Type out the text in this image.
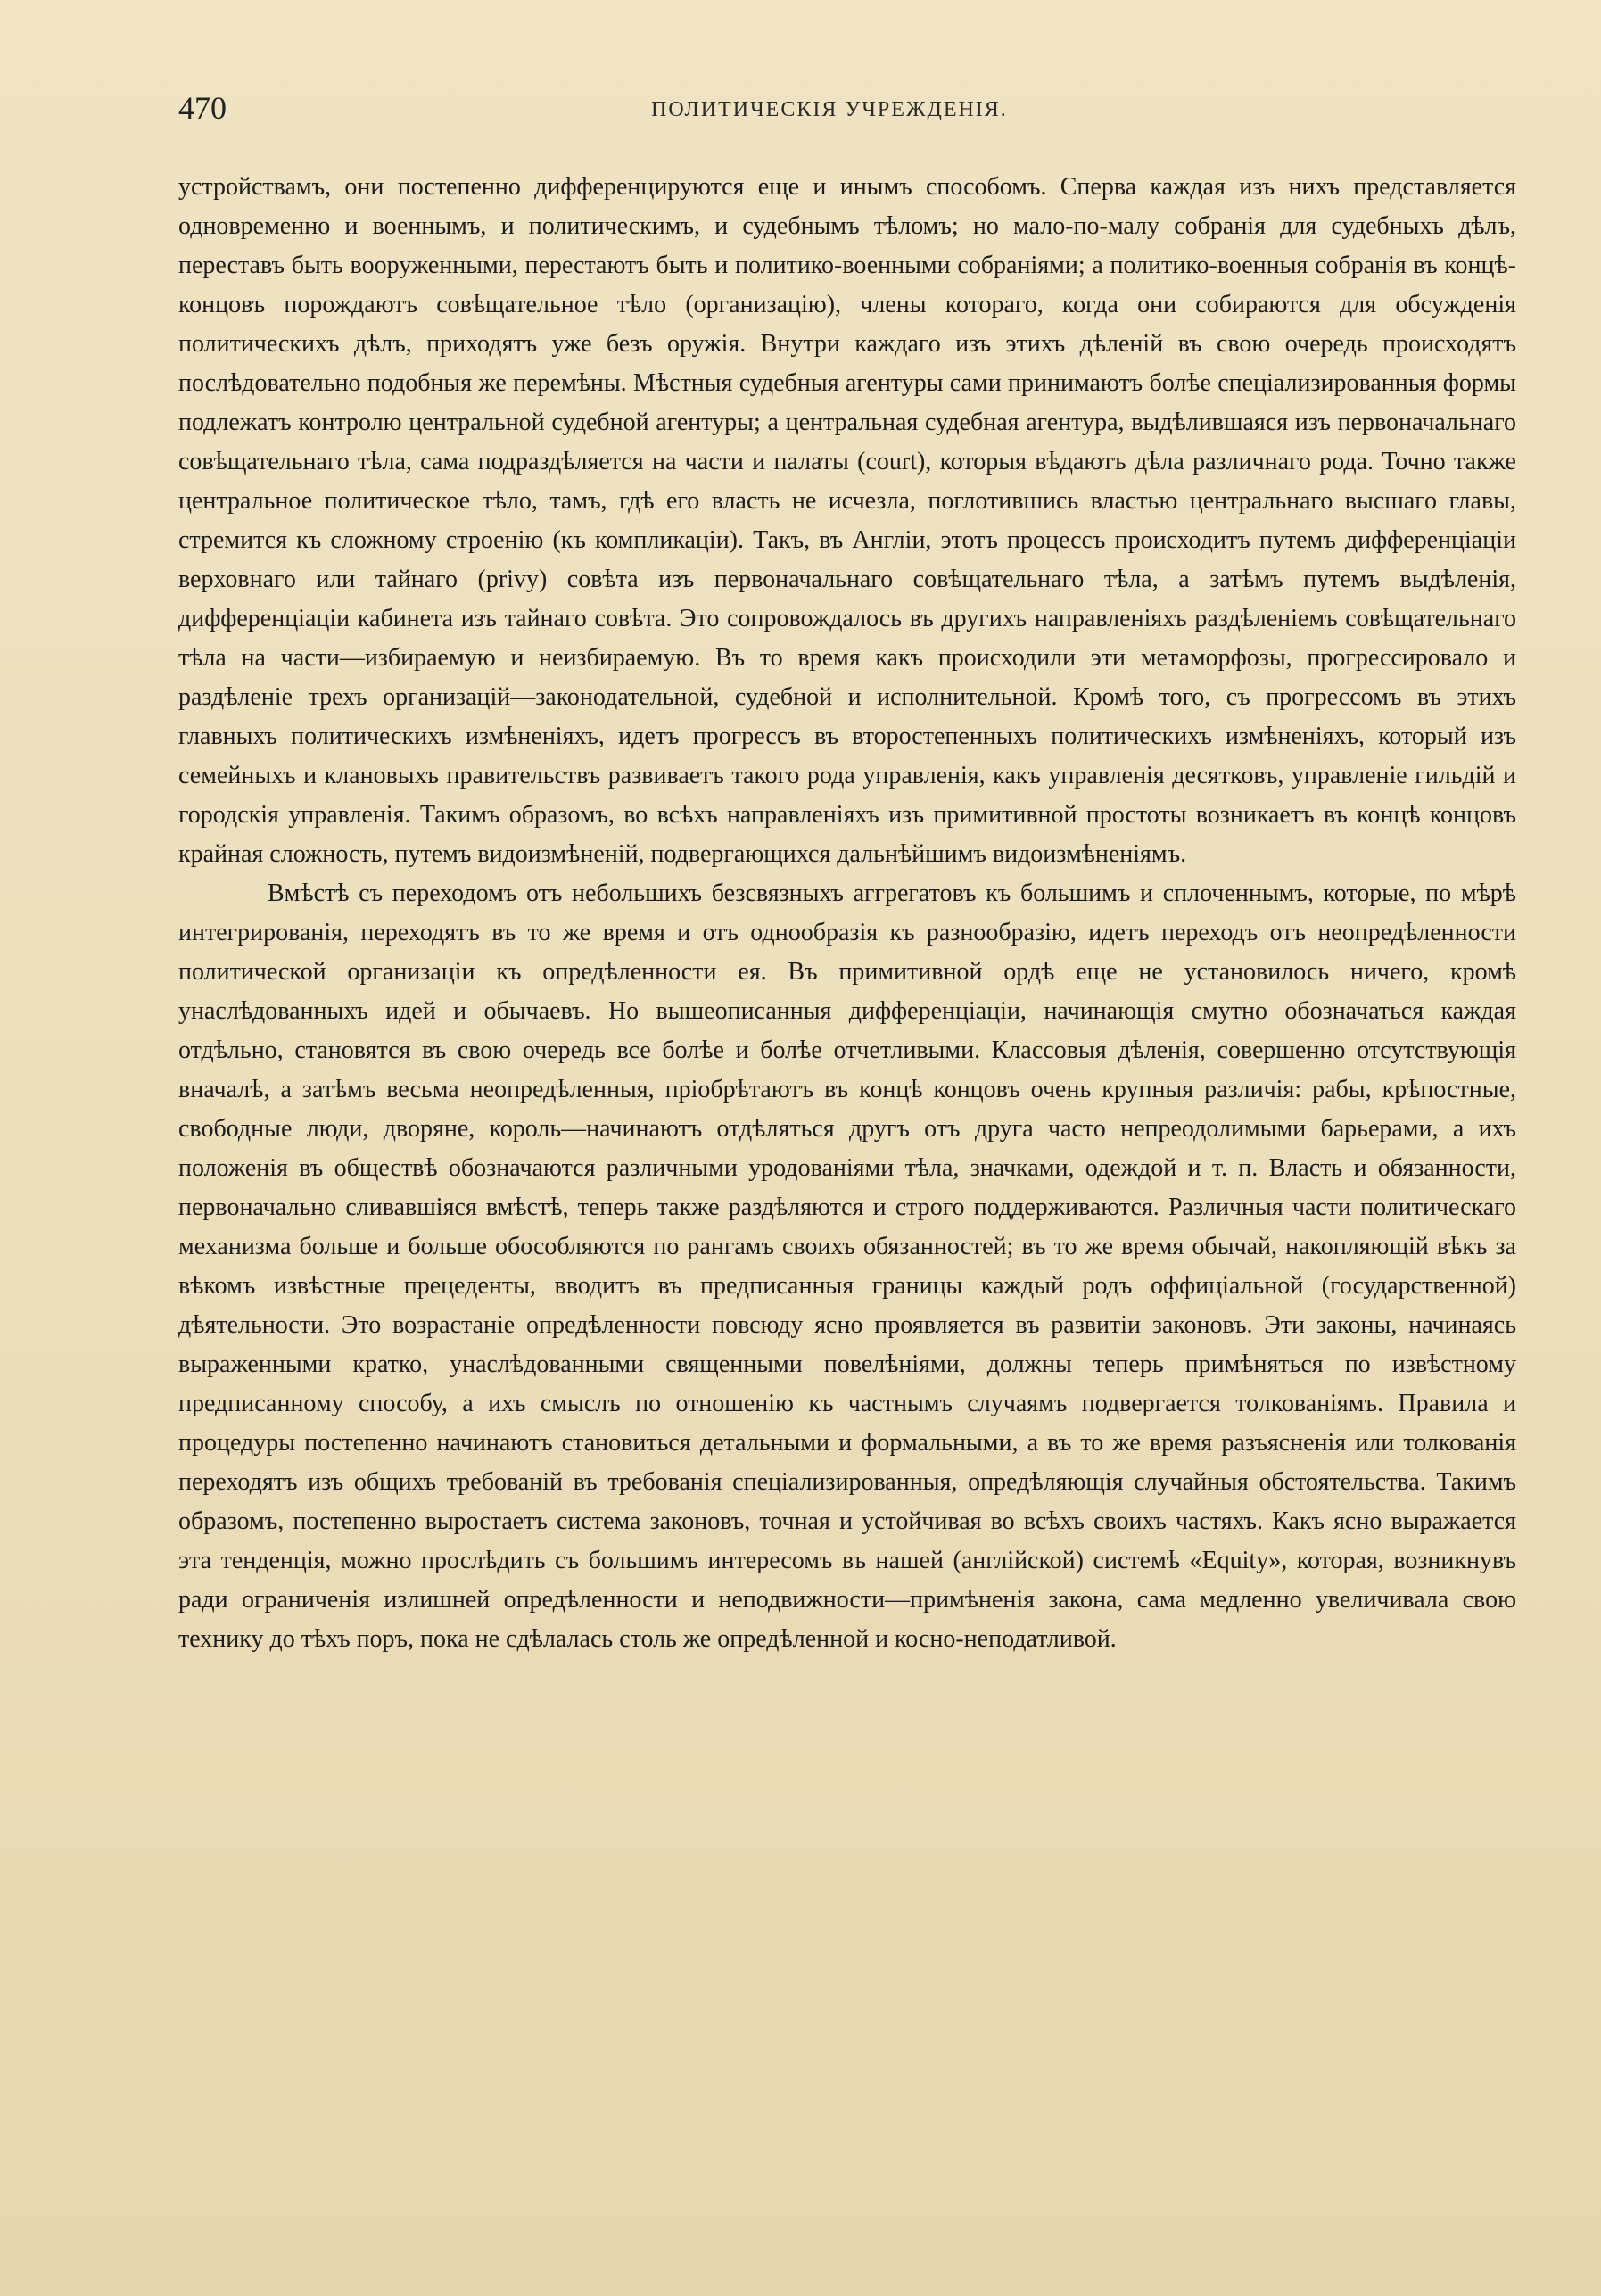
470	ПОЛИТИЧЕСКІЯ УЧРЕЖДЕНІЯ.

устройствамъ, они постепенно дифференцируются еще и инымъ способомъ. Сперва каждая изъ нихъ представляется одновременно и военнымъ, и политическимъ, и судебнымъ тѣломъ; но мало-по-малу собранія для судебныхъ дѣлъ, переставъ быть вооруженными, перестаютъ быть и политико-военными собраніями; а политико-военныя собранія въ концѣ-концовъ порождаютъ совѣщательное тѣло (организацію), члены котораго, когда они собираются для обсужденія политическихъ дѣлъ, приходятъ уже безъ оружія. Внутри каждаго изъ этихъ дѣленій въ свою очередь происходятъ послѣдовательно подобныя же перемѣны. Мѣстныя судебныя агентуры сами принимаютъ болѣе спеціализированныя формы подлежатъ контролю центральной судебной агентуры; а центральная судебная агентура, выдѣлившаяся изъ первоначальнаго совѣщательнаго тѣла, сама подраздѣляется на части и палаты (court), которыя вѣдаютъ дѣла различнаго рода. Точно также центральное политическое тѣло, тамъ, гдѣ его власть не исчезла, поглотившись властью центральнаго высшаго главы, стремится къ сложному строенію (къ компликаціи). Такъ, въ Англіи, этотъ процессъ происходитъ путемъ дифференціаціи верховнаго или тайнаго (privy) совѣта изъ первоначальнаго совѣщательнаго тѣла, а затѣмъ путемъ выдѣленія, дифференціаціи кабинета изъ тайнаго совѣта. Это сопровождалось въ другихъ направленіяхъ раздѣленіемъ совѣщательнаго тѣла на части—избираемую и неизбираемую. Въ то время какъ происходили эти метаморфозы, прогрессировало и раздѣленіе трехъ организацій—законодательной, судебной и исполнительной. Кромѣ того, съ прогрессомъ въ этихъ главныхъ политическихъ измѣненіяхъ, идетъ прогрессъ въ второстепенныхъ политическихъ измѣненіяхъ, который изъ семейныхъ и клановыхъ правительствъ развиваетъ такого рода управленія, какъ управленія десятковъ, управленіе гильдій и городскія управленія. Такимъ образомъ, во всѣхъ направленіяхъ изъ примитивной простоты возникаетъ въ концѣ концовъ крайная сложность, путемъ видоизмѣненій, подвергающихся дальнѣйшимъ видоизмѣненіямъ.

Вмѣстѣ съ переходомъ отъ небольшихъ безсвязныхъ аггрегатовъ къ большимъ и сплоченнымъ, которые, по мѣрѣ интегрированія, переходятъ въ то же время и отъ однообразія къ разнообразію, идетъ переходъ отъ неопредѣленности политической организаціи къ опредѣленности ея. Въ примитивной ордѣ еще не установилось ничего, кромѣ унаслѣдованныхъ идей и обычаевъ. Но вышеописанныя дифференціаціи, начинающія смутно обозначаться каждая отдѣльно, становятся въ свою очередь все болѣе и болѣе отчетливыми. Классовыя дѣленія, совершенно отсутствующія вначалѣ, а затѣмъ весьма неопредѣленныя, пріобрѣтаютъ въ концѣ концовъ очень крупныя различія: рабы, крѣпостные, свободные люди, дворяне, король—начинаютъ отдѣляться другъ отъ друга часто непреодолимыми барьерами, а ихъ положенія въ обществѣ обозначаются различными уродованіями тѣла, значками, одеждой и т. п. Власть и обязанности, первоначально сливавшіяся вмѣстѣ, теперь также раздѣляются и строго поддерживаются. Различныя части политическаго механизма больше и больше обособляются по рангамъ своихъ обязанностей; въ то же время обычай, накопляющій вѣкъ за вѣкомъ извѣстные прецеденты, вводитъ въ предписанныя границы каждый родъ оффиціальной (государственной) дѣятельности. Это возрастаніе опредѣленности повсюду ясно проявляется въ развитіи законовъ. Эти законы, начинаясь выраженными кратко, унаслѣдованными священными повелѣніями, должны теперь примѣняться по извѣстному предписанному способу, а ихъ смыслъ по отношенію къ частнымъ случаямъ подвергается толкованіямъ. Правила и процедуры постепенно начинаютъ становиться детальными и формальными, а въ то же время разъясненія или толкованія переходятъ изъ общихъ требованій въ требованія спеціализированныя, опредѣляющія случайныя обстоятельства. Такимъ образомъ, постепенно выростаетъ система законовъ, точная и устойчивая во всѣхъ своихъ частяхъ. Какъ ясно выражается эта тенденція, можно прослѣдить съ большимъ интересомъ въ нашей (англійской) системѣ «Equity», которая, возникнувъ ради ограниченія излишней опредѣленности и неподвижности—примѣненія закона, сама медленно увеличивала свою технику до тѣхъ поръ, пока не сдѣлалась столь же опредѣленной и косно-неподатливой.
